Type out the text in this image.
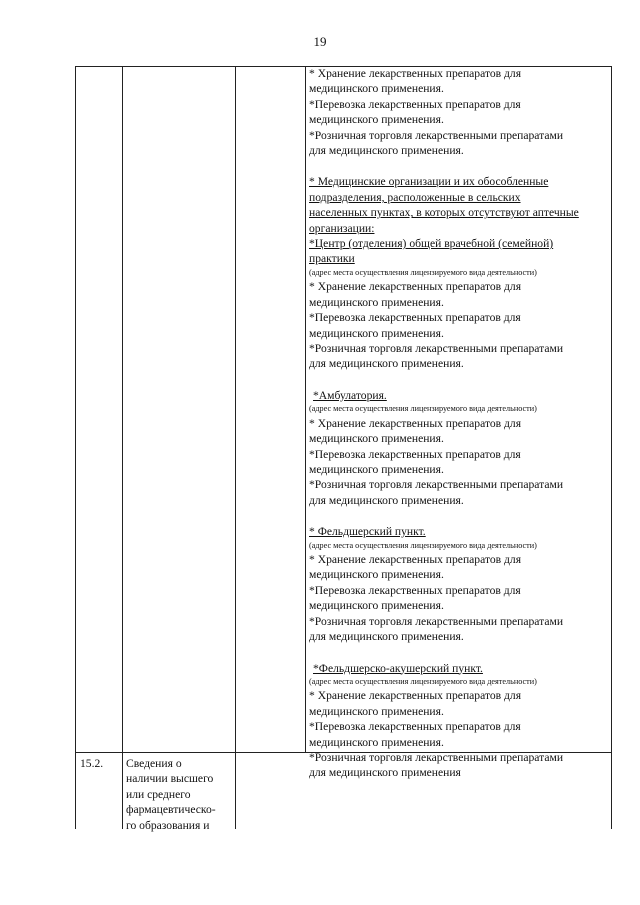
19
* Хранение лекарственных препаратов для
медицинского применения.
*Перевозка лекарственных препаратов для
медицинского применения.
*Розничная торговля лекарственными препаратами
для медицинского применения.
* Медицинские организации и их обособленные
подразделения, расположенные в сельских
населенных пунктах, в которых отсутствуют аптечные
организации:
*Центр (отделения) общей врачебной (семейной)
практики
(адрес места осуществления лицензируемого вида деятельности)
* Хранение лекарственных препаратов для
медицинского применения.
*Перевозка лекарственных препаратов для
медицинского применения.
*Розничная торговля лекарственными препаратами
для медицинского применения.
*Амбулатория.
(адрес места осуществления лицензируемого вида деятельности)
* Хранение лекарственных препаратов для
медицинского применения.
*Перевозка лекарственных препаратов для
медицинского применения.
*Розничная торговля лекарственными препаратами
для медицинского применения.
* Фельдшерский пункт.
(адрес места осуществления лицензируемого вида деятельности)
* Хранение лекарственных препаратов для
медицинского применения.
*Перевозка лекарственных препаратов для
медицинского применения.
*Розничная торговля лекарственными препаратами
для медицинского применения.
*Фельдшерско-акушерский пункт.
(адрес места осуществления лицензируемого вида деятельности)
* Хранение лекарственных препаратов для
медицинского применения.
*Перевозка лекарственных препаратов для
медицинского применения.
*Розничная торговля лекарственными препаратами
для медицинского применения
15.2. Сведения о
наличии высшего
или среднего
фармацевтическо-
го образования и
